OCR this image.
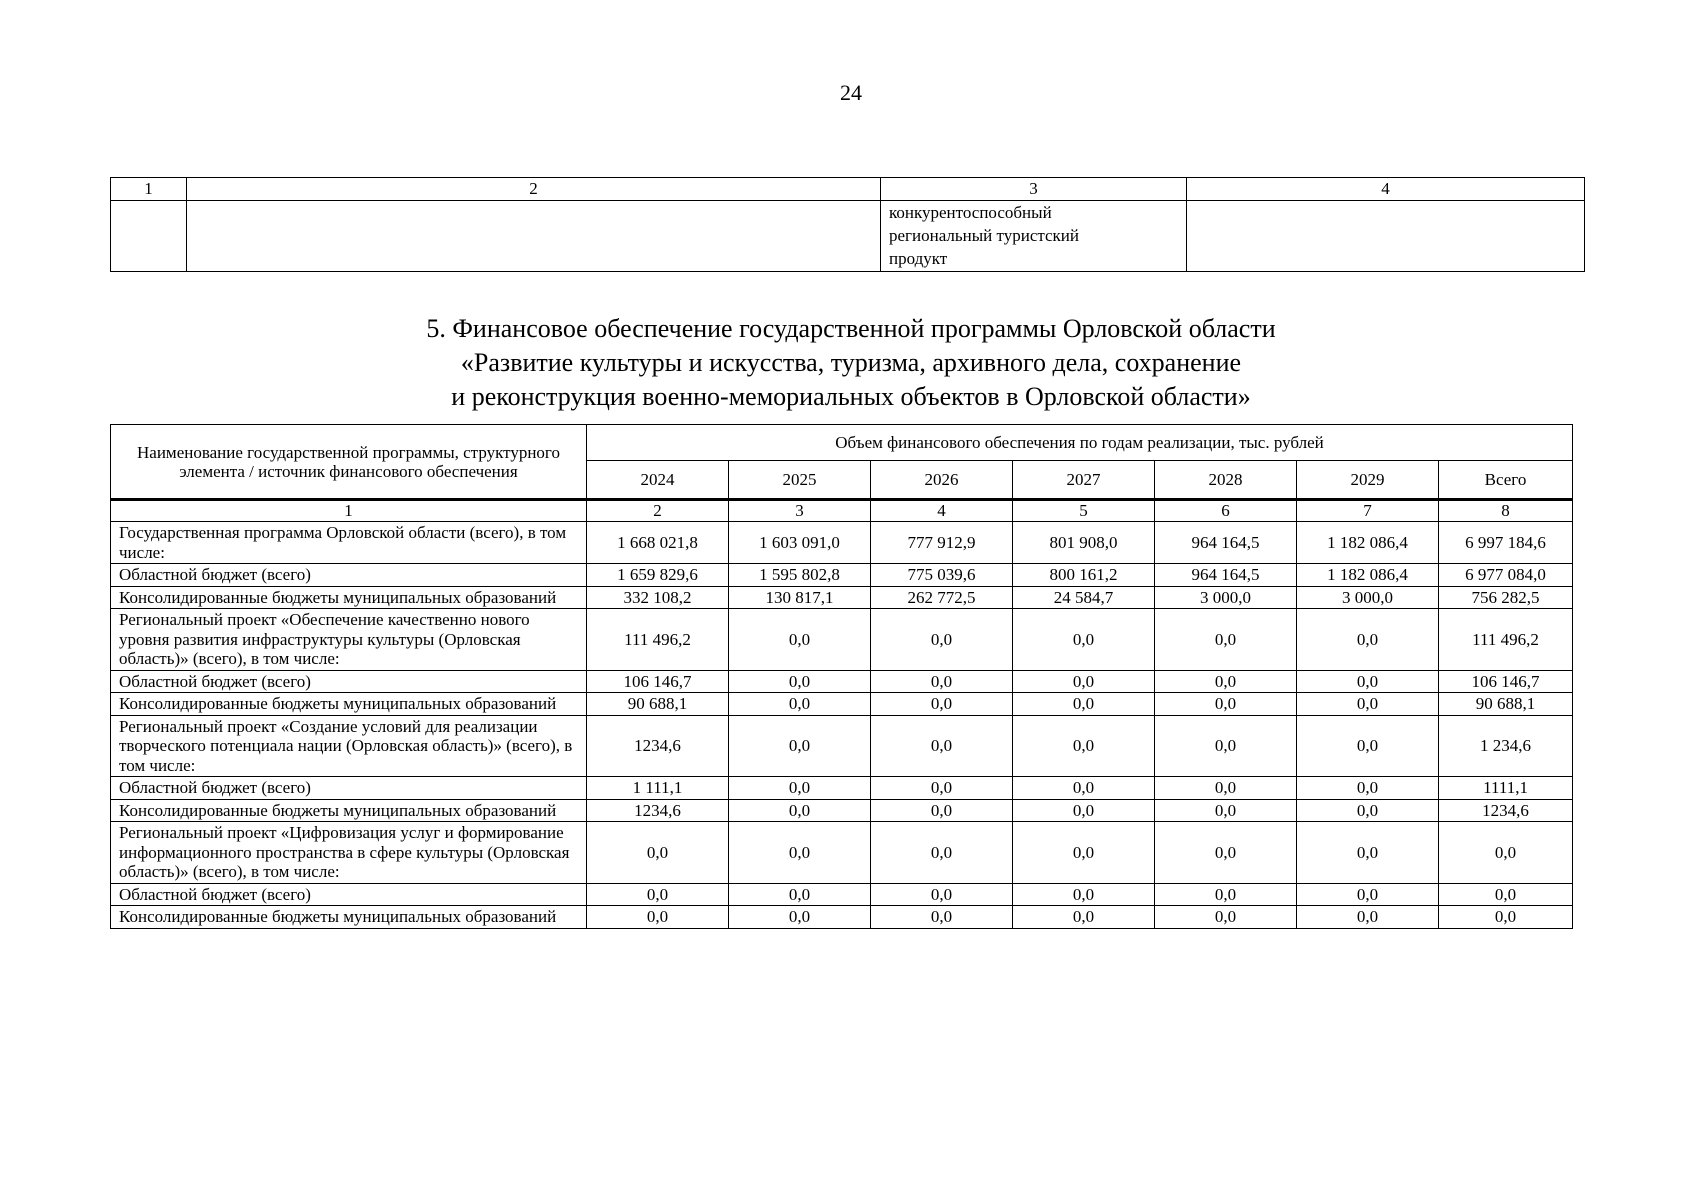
24
1	2	3	4
		конкурентоспособный
региональный туристский
продукт	
5. Финансовое обеспечение государственной программы Орловской области
«Развитие культуры и искусства, туризма, архивного дела, сохранение
и реконструкция военно-мемориальных объектов в Орловской области»
Наименование государственной программы, структурного элемента / источник финансового обеспечения	Объем финансового обеспечения по годам реализации, тыс. рублей						
	2024	2025	2026	2027	2028	2029	Всего
1	2	3	4	5	6	7	8
Государственная программа Орловской области (всего), в том числе:	1 668 021,8	1 603 091,0	777 912,9	801 908,0	964 164,5	1 182 086,4	6 997 184,6
Областной бюджет (всего)	1 659 829,6	1 595 802,8	775 039,6	800 161,2	964 164,5	1 182 086,4	6 977 084,0
Консолидированные бюджеты муниципальных образований	332 108,2	130 817,1	262 772,5	24 584,7	3 000,0	3 000,0	756 282,5
Региональный проект «Обеспечение качественно нового уровня развития инфраструктуры культуры (Орловская область)» (всего), в том числе:	111 496,2	0,0	0,0	0,0	0,0	0,0	111 496,2
Областной бюджет (всего)	106 146,7	0,0	0,0	0,0	0,0	0,0	106 146,7
Консолидированные бюджеты муниципальных образований	90 688,1	0,0	0,0	0,0	0,0	0,0	90 688,1
Региональный проект «Создание условий для реализации творческого потенциала нации (Орловская область)» (всего), в том числе:	1234,6	0,0	0,0	0,0	0,0	0,0	1 234,6
Областной бюджет (всего)	1 111,1	0,0	0,0	0,0	0,0	0,0	1111,1
Консолидированные бюджеты муниципальных образований	1234,6	0,0	0,0	0,0	0,0	0,0	1234,6
Региональный проект «Цифровизация услуг и формирование информационного пространства в сфере культуры (Орловская область)» (всего), в том числе:	0,0	0,0	0,0	0,0	0,0	0,0	0,0
Областной бюджет (всего)	0,0	0,0	0,0	0,0	0,0	0,0	0,0
Консолидированные бюджеты муниципальных образований	0,0	0,0	0,0	0,0	0,0	0,0	0,0
